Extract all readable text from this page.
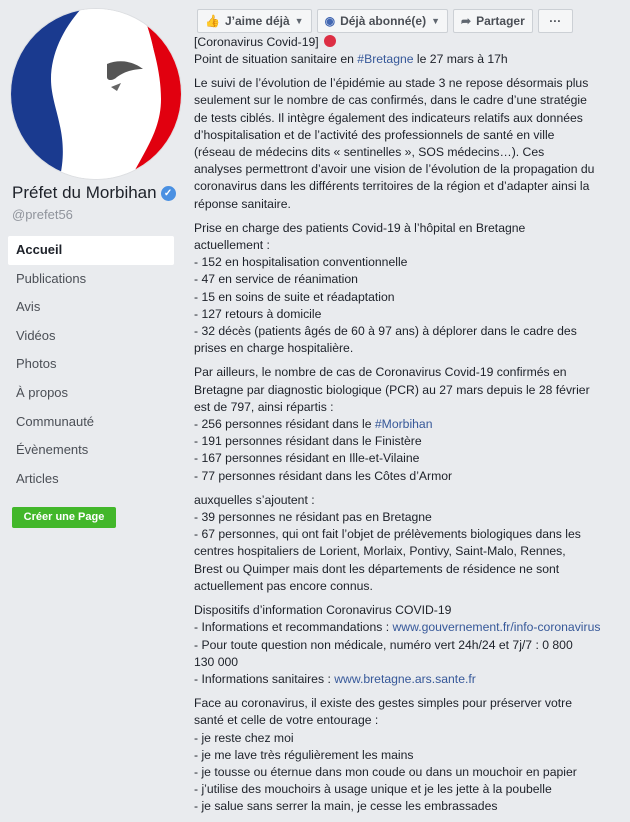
Préfet du Morbihan ✓
@prefet56
Accueil
Publications
Avis
Vidéos
Photos
À propos
Communauté
Évènements
Articles
Créer une Page
👍 J’aime déjà ▼ ◉ Déjà abonné(e) ▼ ➦ Partager	···
[Coronavirus Covid-19]

Point de situation sanitaire en #Bretagne le 27 mars à 17h

Le suivi de l’évolution de l’épidémie au stade 3 ne repose désormais plus
seulement sur le nombre de cas confirmés, dans le cadre d’une stratégie
de tests ciblés. Il intègre également des indicateurs relatifs aux données
d’hospitalisation et de l’activité des professionnels de santé en ville
(réseau de médecins dits « sentinelles », SOS médecins…). Ces
analyses permettront d’avoir une vision de l’évolution de la propagation du
coronavirus dans les différents territoires de la région et d’adapter ainsi la
réponse sanitaire.

Prise en charge des patients Covid-19 à l’hôpital en Bretagne
actuellement :
- 152 en hospitalisation conventionnelle
- 47 en service de réanimation
- 15 en soins de suite et réadaptation
- 127 retours à domicile
- 32 décès (patients âgés de 60 à 97 ans) à déplorer dans le cadre des
prises en charge hospitalière.

Par ailleurs, le nombre de cas de Coronavirus Covid-19 confirmés en
Bretagne par diagnostic biologique (PCR) au 27 mars depuis le 28 février
est de 797, ainsi répartis :
- 256 personnes résidant dans le #Morbihan
- 191 personnes résidant dans le Finistère
- 167 personnes résidant en Ille-et-Vilaine
- 77 personnes résidant dans les Côtes d’Armor

auxquelles s’ajoutent :
- 39 personnes ne résidant pas en Bretagne
- 67 personnes, qui ont fait l’objet de prélèvements biologiques dans les
centres hospitaliers de Lorient, Morlaix, Pontivy, Saint-Malo, Rennes,
Brest ou Quimper mais dont les départements de résidence ne sont
actuellement pas encore connus.

Dispositifs d’information Coronavirus COVID-19
- Informations et recommandations : www.gouvernement.fr/info-coronavirus
- Pour toute question non médicale, numéro vert 24h/24 et 7j/7 : 0 800
130 000
- Informations sanitaires : www.bretagne.ars.sante.fr

Face au coronavirus, il existe des gestes simples pour préserver votre
santé et celle de votre entourage :
- je reste chez moi
- je me lave très régulièrement les mains
- je tousse ou éternue dans mon coude ou dans un mouchoir en papier
- j’utilise des mouchoirs à usage unique et je les jette à la poubelle
- je salue sans serrer la main, je cesse les embrassades
